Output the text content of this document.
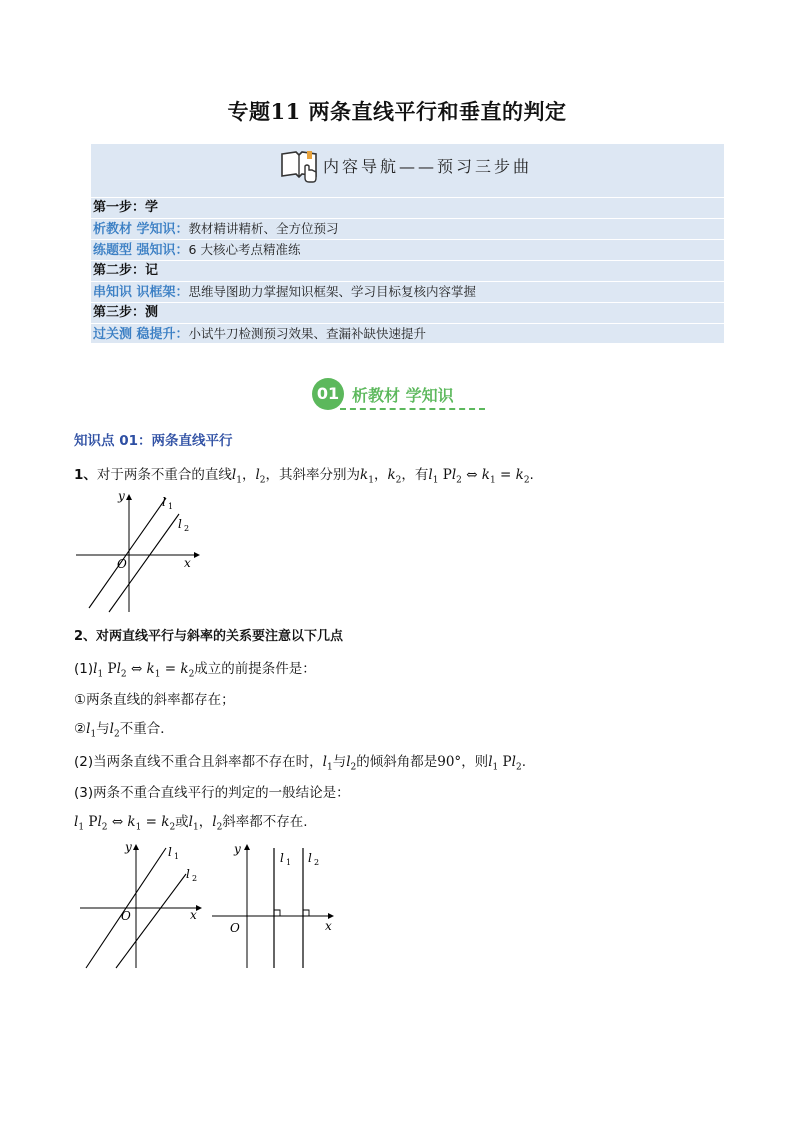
专题11 两条直线平行和垂直的判定
内容导航——预习三步曲
第一步：学
析教材 学知识：教材精讲精析、全方位预习
练题型 强知识：6 大核心考点精准练
第二步：记
串知识 识框架：思维导图助力掌握知识框架、学习目标复核内容掌握
第三步：测
过关测 稳提升：小试牛刀检测预习效果、查漏补缺快速提升
01 析教材 学知识
知识点 01：两条直线平行
1、对于两条不重合的直线$l_1$，$l_2$，其斜率分别为$k_1$，$k_2$，有$l_1$ $Pl_2$ ⇔ $k_1 = k_2$.
y
x
O
l 1
l 2
2、对两直线平行与斜率的关系要注意以下几点
$(1)l_1$ $Pl_2$ ⇔ $k_1 = k_2$成立的前提条件是：
①两条直线的斜率都存在；
$②l_1$与$l_2$不重合．
(2)当两条直线不重合且斜率都不存在时，$l_1$与$l_2$的倾斜角都是90°，则$l_1$ $Pl_2$.
(3)两条不重合直线平行的判定的一般结论是：
$l_1$ $Pl_2$ ⇔ $k_1 = k_2$或$l_1$，$l_2$斜率都不存在.
y
x
O
l 1
l 2
y
x
O
l 1 l 2
